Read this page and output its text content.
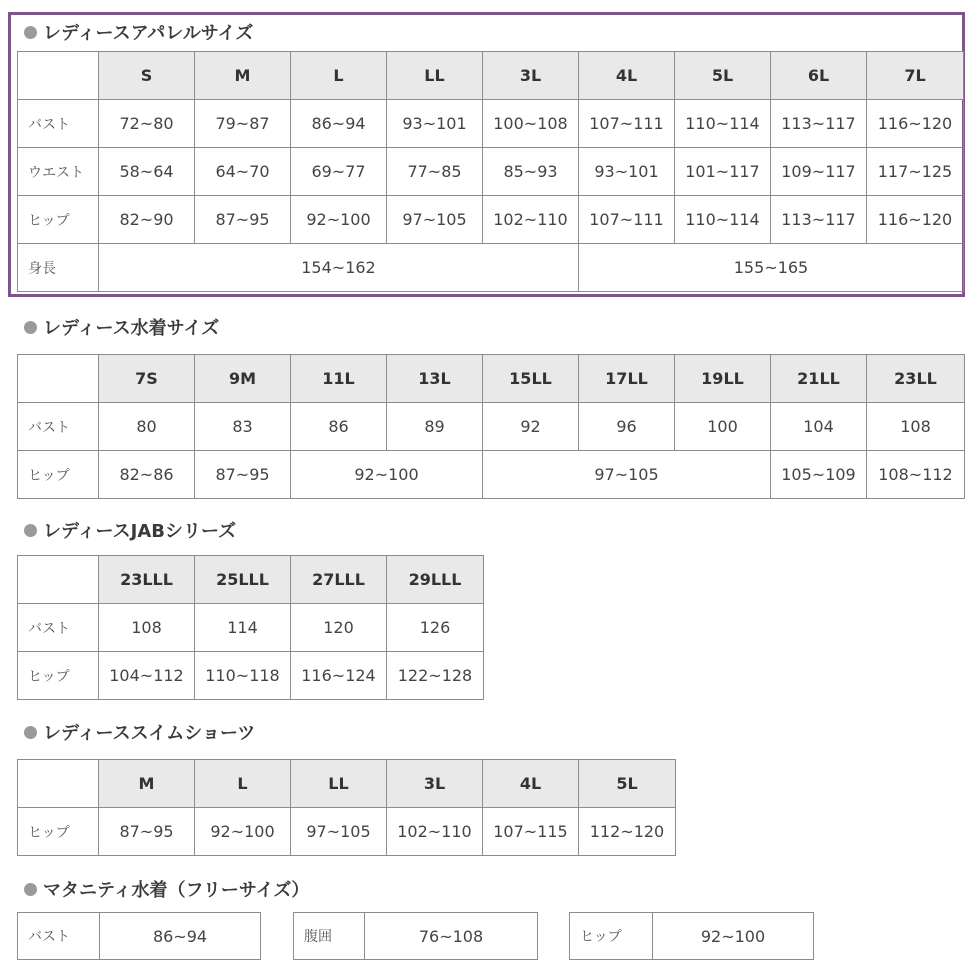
レディースアパレルサイズ
	S	M	L	LL	3L	4L	5L	6L	7L
バスト	72~80	79~87	86~94	93~101	100~108	107~111	110~114	113~117	116~120
ウエスト	58~64	64~70	69~77	77~85	85~93	93~101	101~117	109~117	117~125
ヒップ	82~90	87~95	92~100	97~105	102~110	107~111	110~114	113~117	116~120
身長	154~162					155~165			
レディース水着サイズ
	7S	9M	11L	13L	15LL	17LL	19LL	21LL	23LL
バスト	80	83	86	89	92	96	100	104	108
ヒップ	82~86	87~95	92~100		97~105			105~109	108~112
レディースJABシリーズ
	23LLL	25LLL	27LLL	29LLL
バスト	108	114	120	126
ヒップ	104~112	110~118	116~124	122~128
レディーススイムショーツ
	M	L	LL	3L	4L	5L
ヒップ	87~95	92~100	97~105	102~110	107~115	112~120
マタニティ水着（フリーサイズ）
バスト	86~94	腹囲	76~108	ヒップ	92~100
